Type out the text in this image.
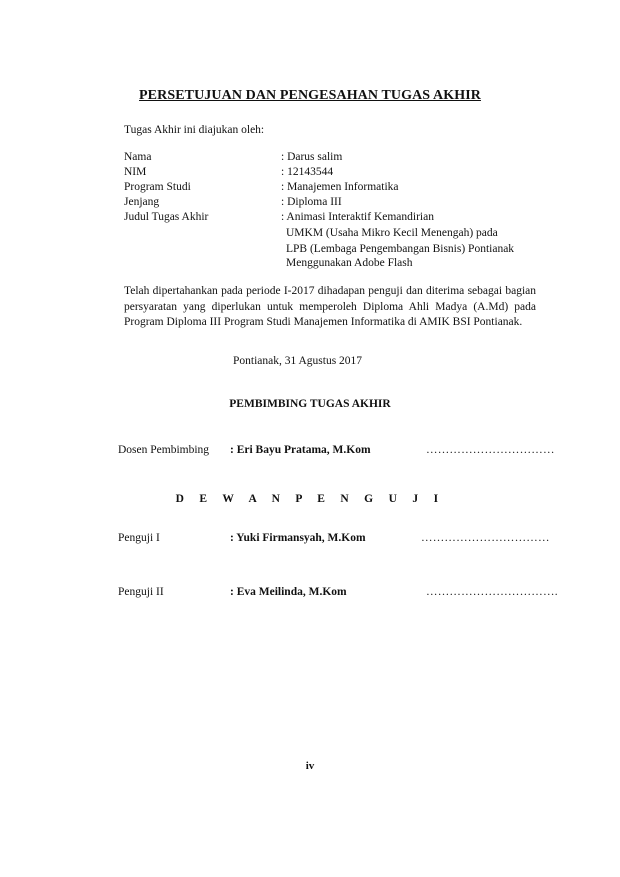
PERSETUJUAN DAN PENGESAHAN TUGAS AKHIR
Tugas Akhir ini diajukan oleh:
Nama	: Darus salim
NIM	: 12143544
Program Studi	: Manajemen Informatika
Jenjang	: Diploma III
Judul Tugas Akhir	: Animasi Interaktif Kemandirian
UMKM (Usaha Mikro Kecil Menengah) pada
LPB (Lembaga Pengembangan Bisnis) Pontianak
Menggunakan Adobe Flash
Telah dipertahankan pada periode I-2017 dihadapan penguji dan diterima sebagai bagian persyaratan yang diperlukan untuk memperoleh Diploma Ahli Madya (A.Md) pada Program Diploma III Program Studi Manajemen Informatika di AMIK BSI Pontianak.
Pontianak, 31 Agustus 2017
PEMBIMBING TUGAS AKHIR
Dosen Pembimbing : Eri Bayu Pratama, M.Kom	……………………………
D E W A N P E N G U J I
Penguji I	: Yuki Firmansyah, M.Kom	……………………………
Penguji II	: Eva Meilinda, M.Kom	…………………………….
iv
